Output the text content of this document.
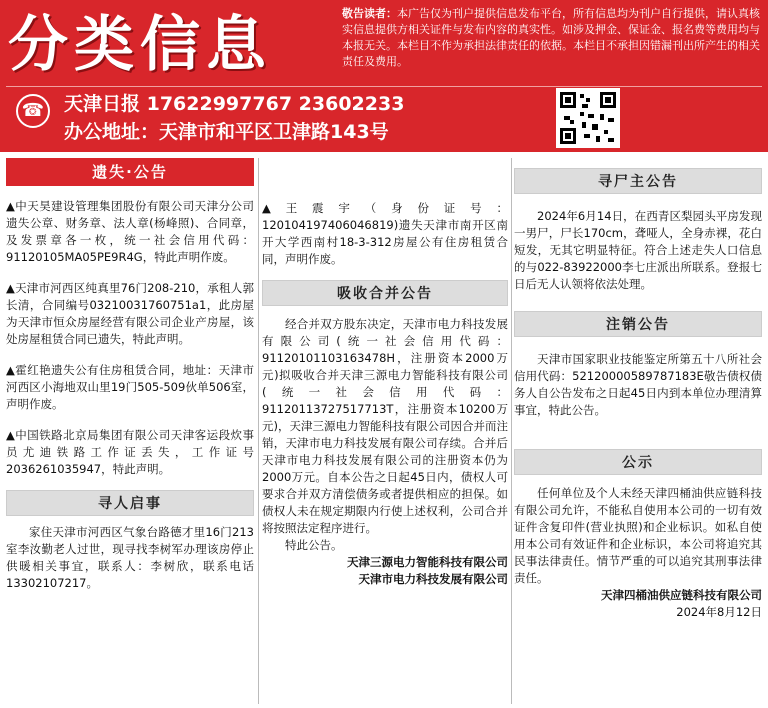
分类信息	敬告读者：本广告仅为刊户提供信息发布平台，所有信息均为刊户自行提供，请认真核实信息提供方相关证件与发布内容的真实性。如涉及押金、保证金、报名费等费用均与本报无关。本栏目不作为承担法律责任的依据。本栏目不承担因错漏刊出所产生的相关责任及费用。
☎	天津日报 17622997767 23602233
办公地址：天津市和平区卫津路143号
遗失·公告

▲中天昊建设管理集团股份有限公司天津分公司遗失公章、财务章、法人章(杨峰照)、合同章，及发票章各一枚，统一社会信用代码：91120105MA05PE9R4G，特此声明作废。

▲天津市河西区纯真里76门208-210，承租人郭长清，合同编号03210031760751a1，此房屋为天津市恒众房屋经营有限公司企业产房屋，该处房屋租赁合同已遗失，特此声明。

▲霍红艳遗失公有住房租赁合同，地址：天津市河西区小海地双山里19门505-509伙单506室，声明作废。

▲中国铁路北京局集团有限公司天津客运段炊事员尤迪铁路工作证丢失，工作证号2036261035947，特此声明。

寻人启事

家住天津市河西区气象台路德才里16门213室李汝勤老人过世，现寻找李树军办理该房停止供暖相关事宜，联系人：李树欣，联系电话13302107217。

▲王震宇（身份证号：120104197406046819)遗失天津市南开区南开大学西南村18-3-312房屋公有住房租赁合同，声明作废。

吸收合并公告

经合并双方股东决定，天津市电力科技发展有限公司(统一社会信用代码：91120101103163478H，注册资本2000万元)拟吸收合并天津三源电力智能科技有限公司(统一社会信用代码：91120113727517713T，注册资本10200万元)，天津三源电力智能科技有限公司因合并而注销，天津市电力科技发展有限公司存续。合并后天津市电力科技发展有限公司的注册资本仍为2000万元。自本公告之日起45日内，债权人可要求合并双方清偿债务或者提供相应的担保。如债权人未在规定期限内行使上述权利，公司合并将按照法定程序进行。

特此公告。

天津三源电力智能科技有限公司
天津市电力科技发展有限公司
寻尸主公告

2024年6月14日，在西青区梨园头平房发现一男尸，尸长170cm，聋哑人，全身赤裸，花白短发，无其它明显特征。符合上述走失人口信息的与022-83922000李七庄派出所联系。登报七日后无人认领将依法处理。

注销公告

天津市国家职业技能鉴定所第五十八所社会信用代码：52120000589787183E敬告债权债务人自公告发布之日起45日内到本单位办理清算事宜，特此公告。

公示

任何单位及个人未经天津四桶油供应链科技有限公司允许，不能私自使用本公司的一切有效证件含复印件(营业执照)和企业标识。如私自使用本公司有效证件和企业标识，本公司将追究其民事法律责任。情节严重的可以追究其刑事法律责任。

天津四桶油供应链科技有限公司
2024年8月12日
